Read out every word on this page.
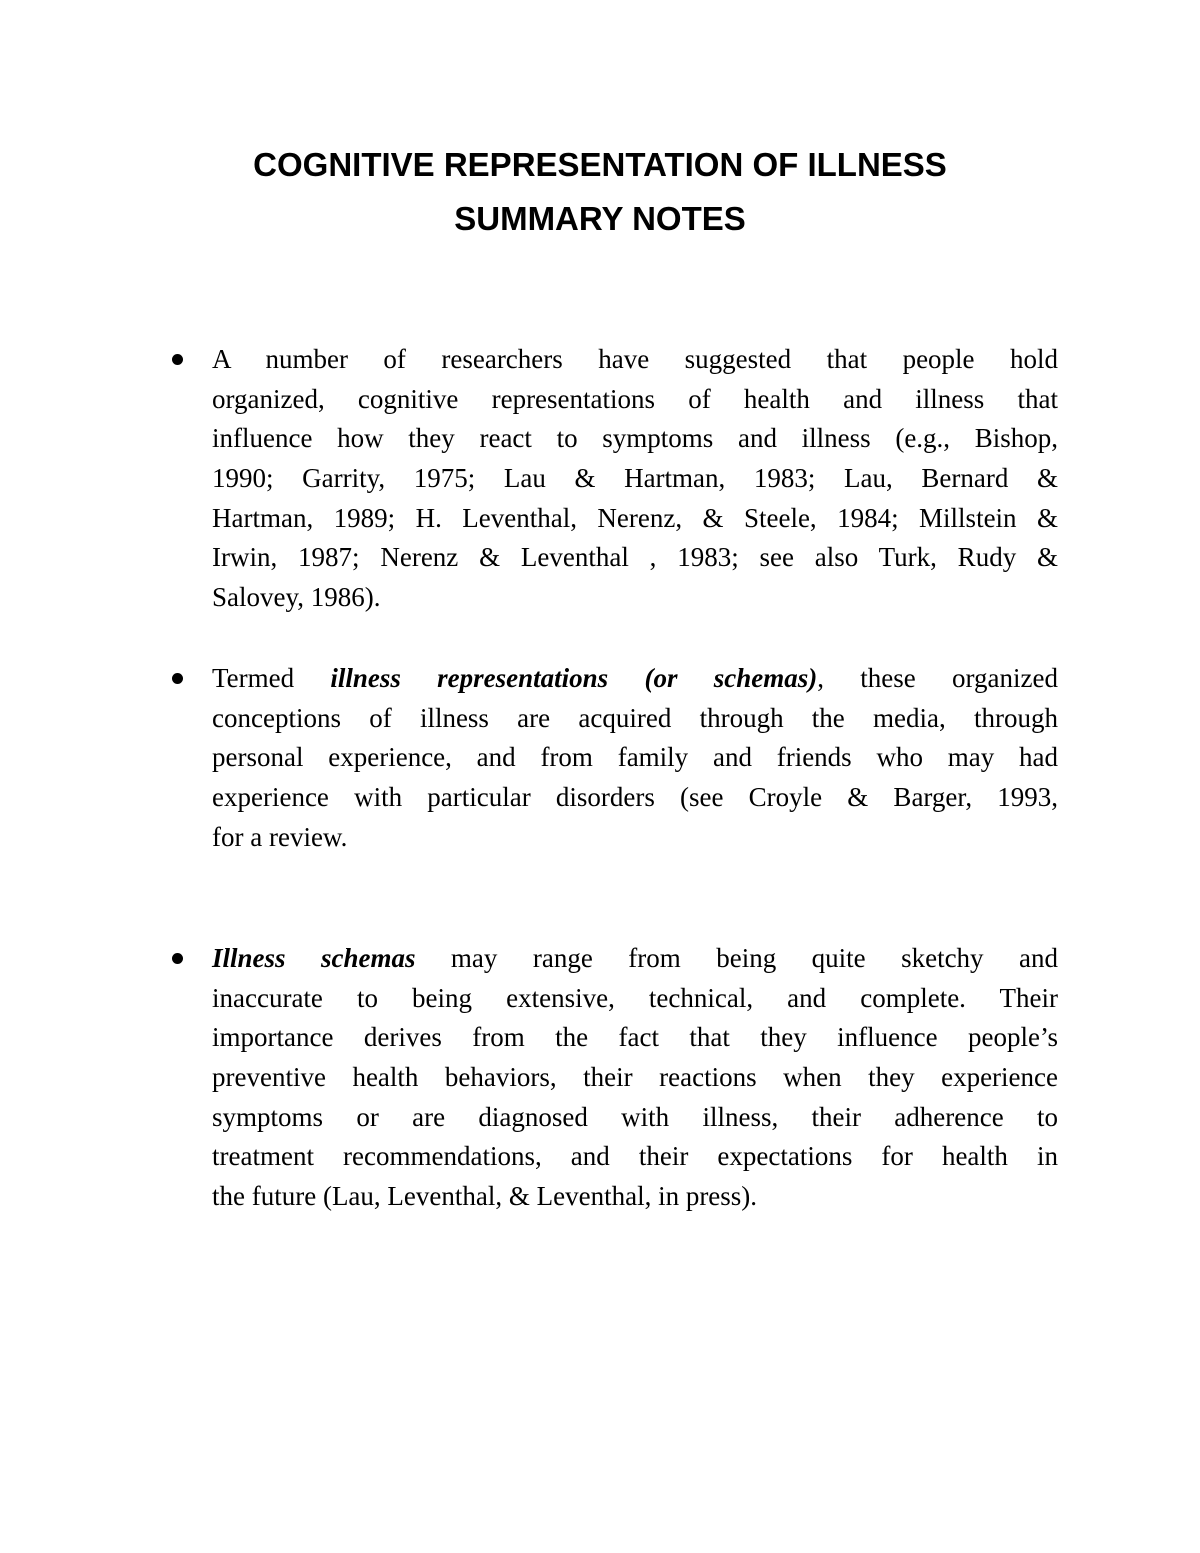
COGNITIVE REPRESENTATION OF ILLNESS
SUMMARY NOTES
A number of researchers have suggested that people hold
organized, cognitive representations of health and illness that
influence how they react to symptoms and illness (e.g., Bishop,
1990; Garrity, 1975; Lau & Hartman, 1983; Lau, Bernard &
Hartman, 1989; H. Leventhal, Nerenz, & Steele, 1984; Millstein &
Irwin, 1987; Nerenz & Leventhal , 1983; see also Turk, Rudy &
Salovey, 1986).
Termed illness representations (or schemas), these organized
conceptions of illness are acquired through the media, through
personal experience, and from family and friends who may had
experience with particular disorders (see Croyle & Barger, 1993,
for a review.
Illness schemas may range from being quite sketchy and
inaccurate to being extensive, technical, and complete. Their
importance derives from the fact that they influence people’s
preventive health behaviors, their reactions when they experience
symptoms or are diagnosed with illness, their adherence to
treatment recommendations, and their expectations for health in
the future (Lau, Leventhal, & Leventhal, in press).
